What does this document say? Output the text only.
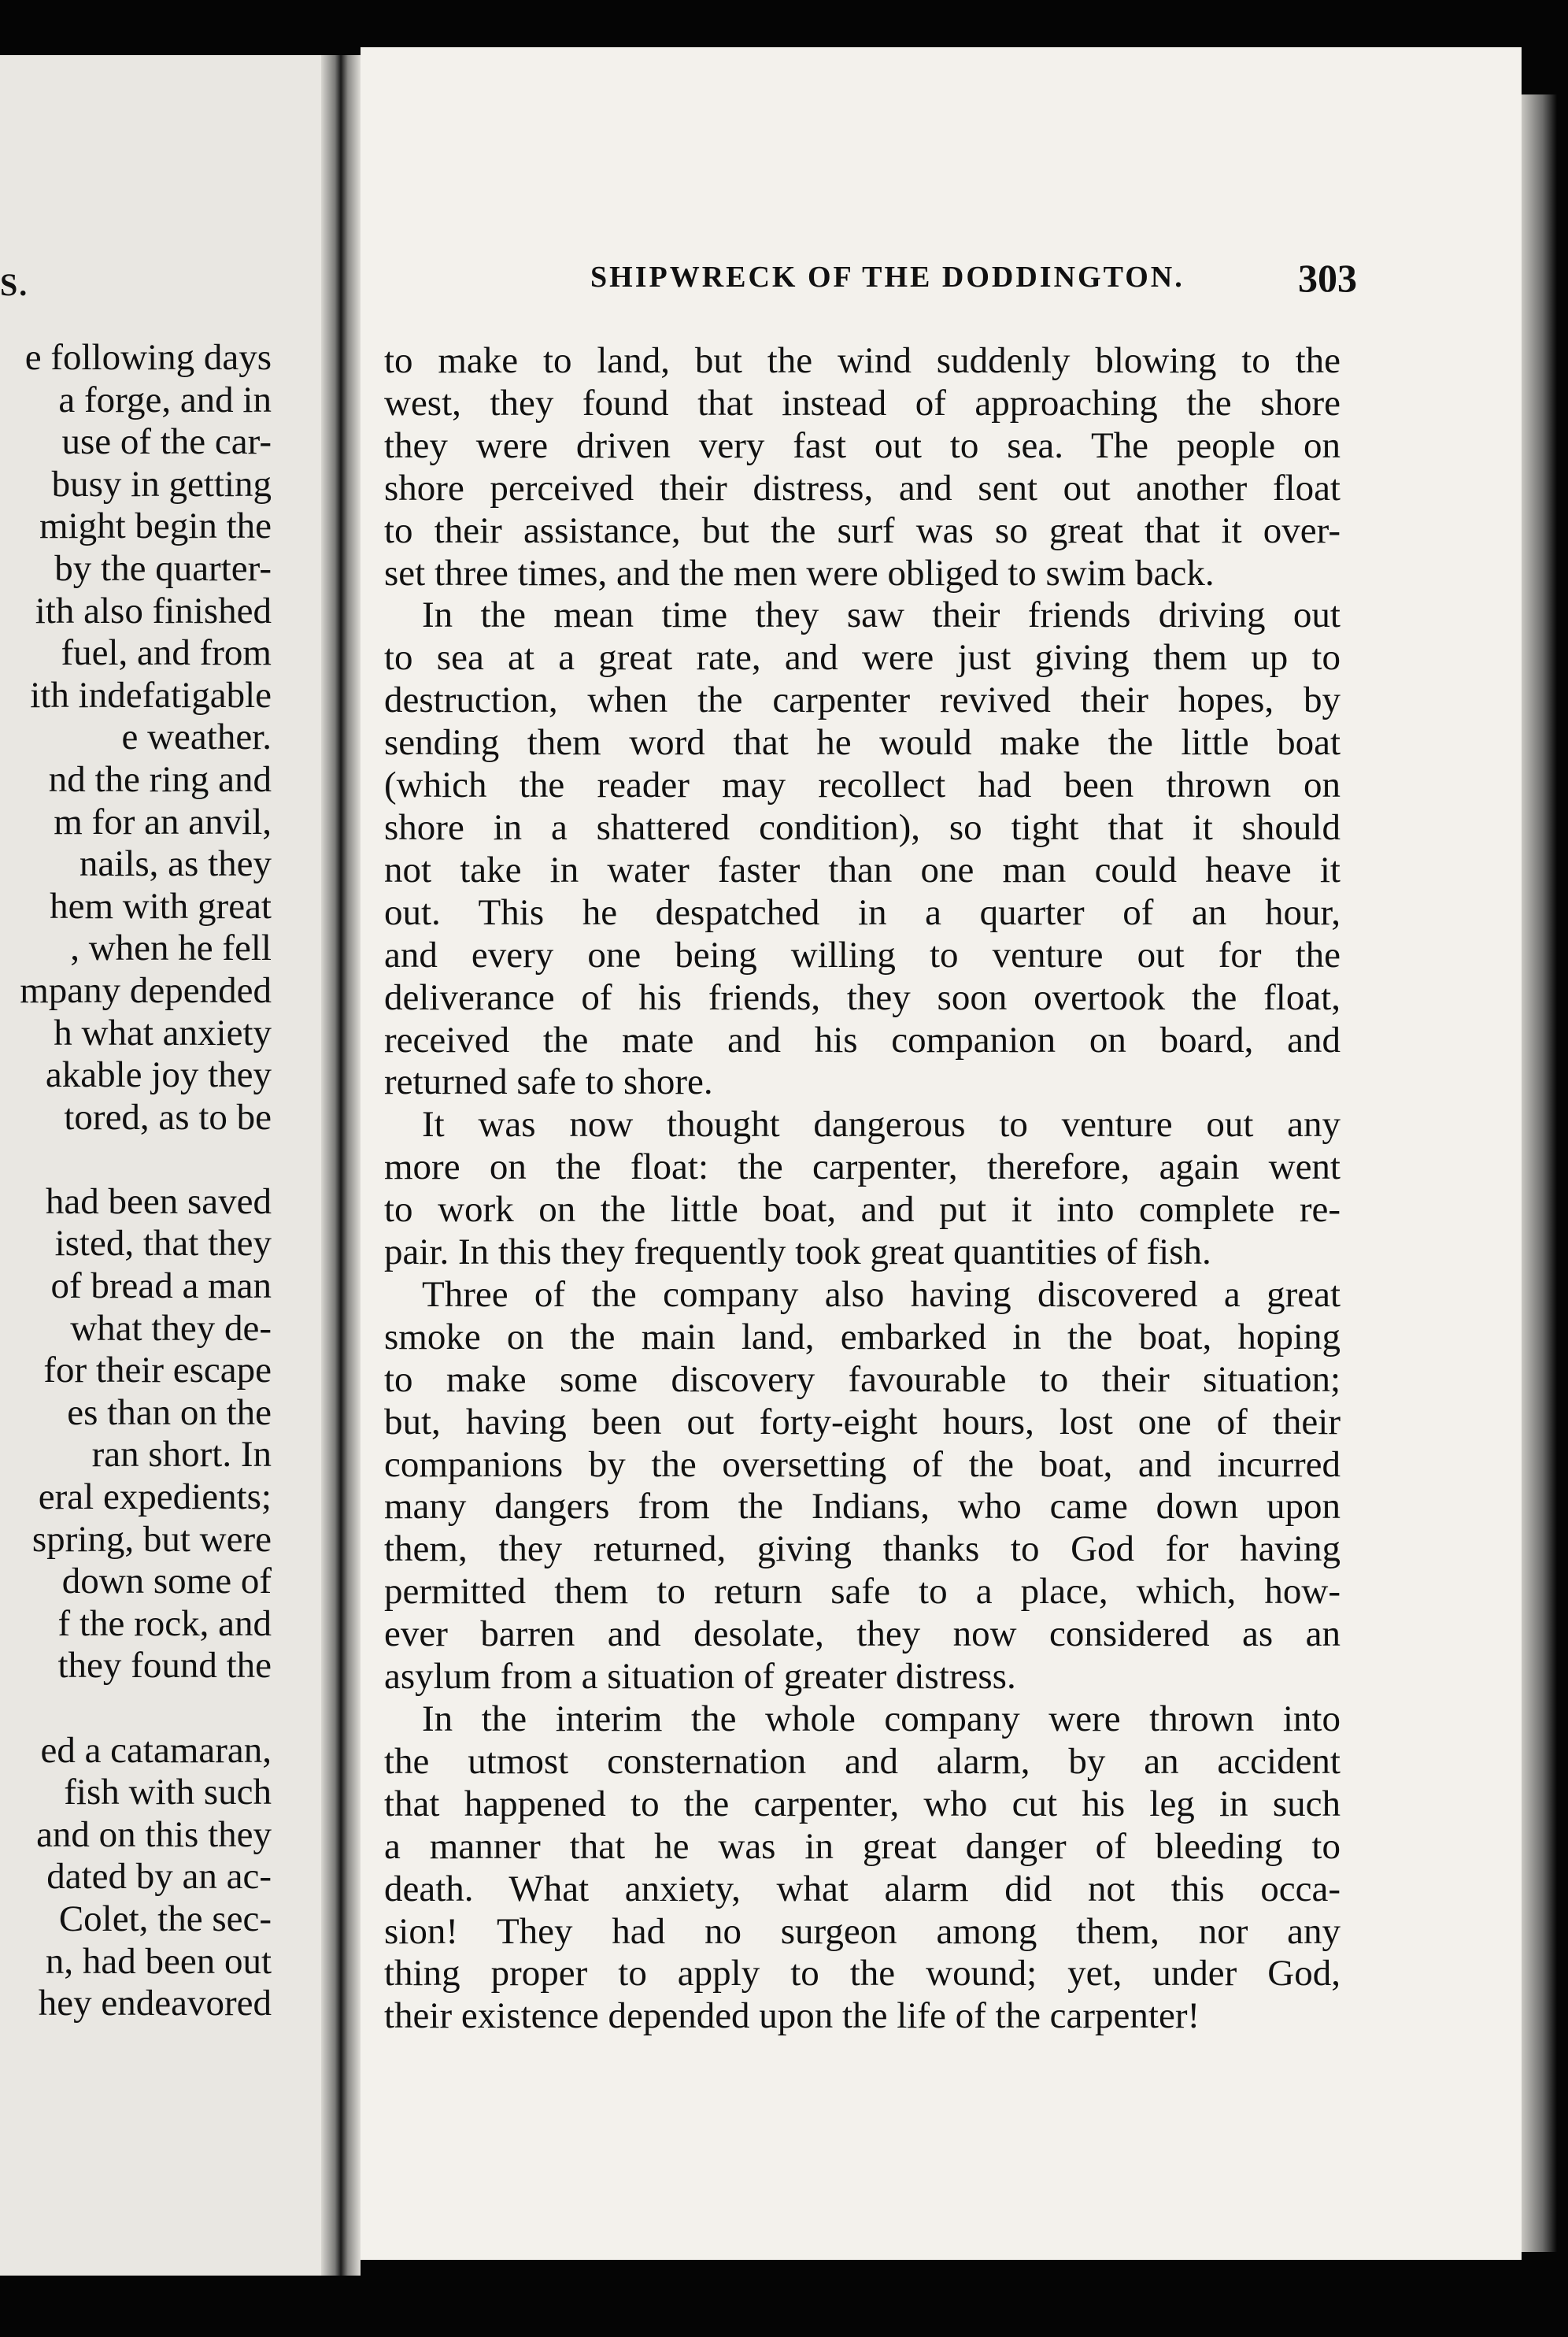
S.
e following days
a forge, and in
use of the car-
busy in getting
might begin the
by the quarter-
ith also finished
fuel, and from
ith indefatigable
e weather.
nd the ring and
m for an anvil,
nails, as they
hem with great
, when he fell
mpany depended
h what anxiety
akable joy they
tored, as to be

had been saved
isted, that they
of bread a man
what they de-
for their escape
es than on the
ran short. In
eral expedients;
spring, but were
down some of
f the rock, and
they found the

ed a catamaran,
fish with such
and on this they
dated by an ac-
Colet, the sec-
n, had been out
hey endeavored
SHIPWRECK OF THE DODDINGTON.	303
to make to land, but the wind suddenly blowing to the
west, they found that instead of approaching the shore
they were driven very fast out to sea. The people on
shore perceived their distress, and sent out another float
to their assistance, but the surf was so great that it over-
set three times, and the men were obliged to swim back.
In the mean time they saw their friends driving out
to sea at a great rate, and were just giving them up to
destruction, when the carpenter revived their hopes, by
sending them word that he would make the little boat
(which the reader may recollect had been thrown on
shore in a shattered condition), so tight that it should
not take in water faster than one man could heave it
out. This he despatched in a quarter of an hour,
and every one being willing to venture out for the
deliverance of his friends, they soon overtook the float,
received the mate and his companion on board, and
returned safe to shore.
It was now thought dangerous to venture out any
more on the float: the carpenter, therefore, again went
to work on the little boat, and put it into complete re-
pair. In this they frequently took great quantities of fish.
Three of the company also having discovered a great
smoke on the main land, embarked in the boat, hoping
to make some discovery favourable to their situation;
but, having been out forty-eight hours, lost one of their
companions by the oversetting of the boat, and incurred
many dangers from the Indians, who came down upon
them, they returned, giving thanks to God for having
permitted them to return safe to a place, which, how-
ever barren and desolate, they now considered as an
asylum from a situation of greater distress.
In the interim the whole company were thrown into
the utmost consternation and alarm, by an accident
that happened to the carpenter, who cut his leg in such
a manner that he was in great danger of bleeding to
death. What anxiety, what alarm did not this occa-
sion! They had no surgeon among them, nor any
thing proper to apply to the wound; yet, under God,
their existence depended upon the life of the carpenter!
